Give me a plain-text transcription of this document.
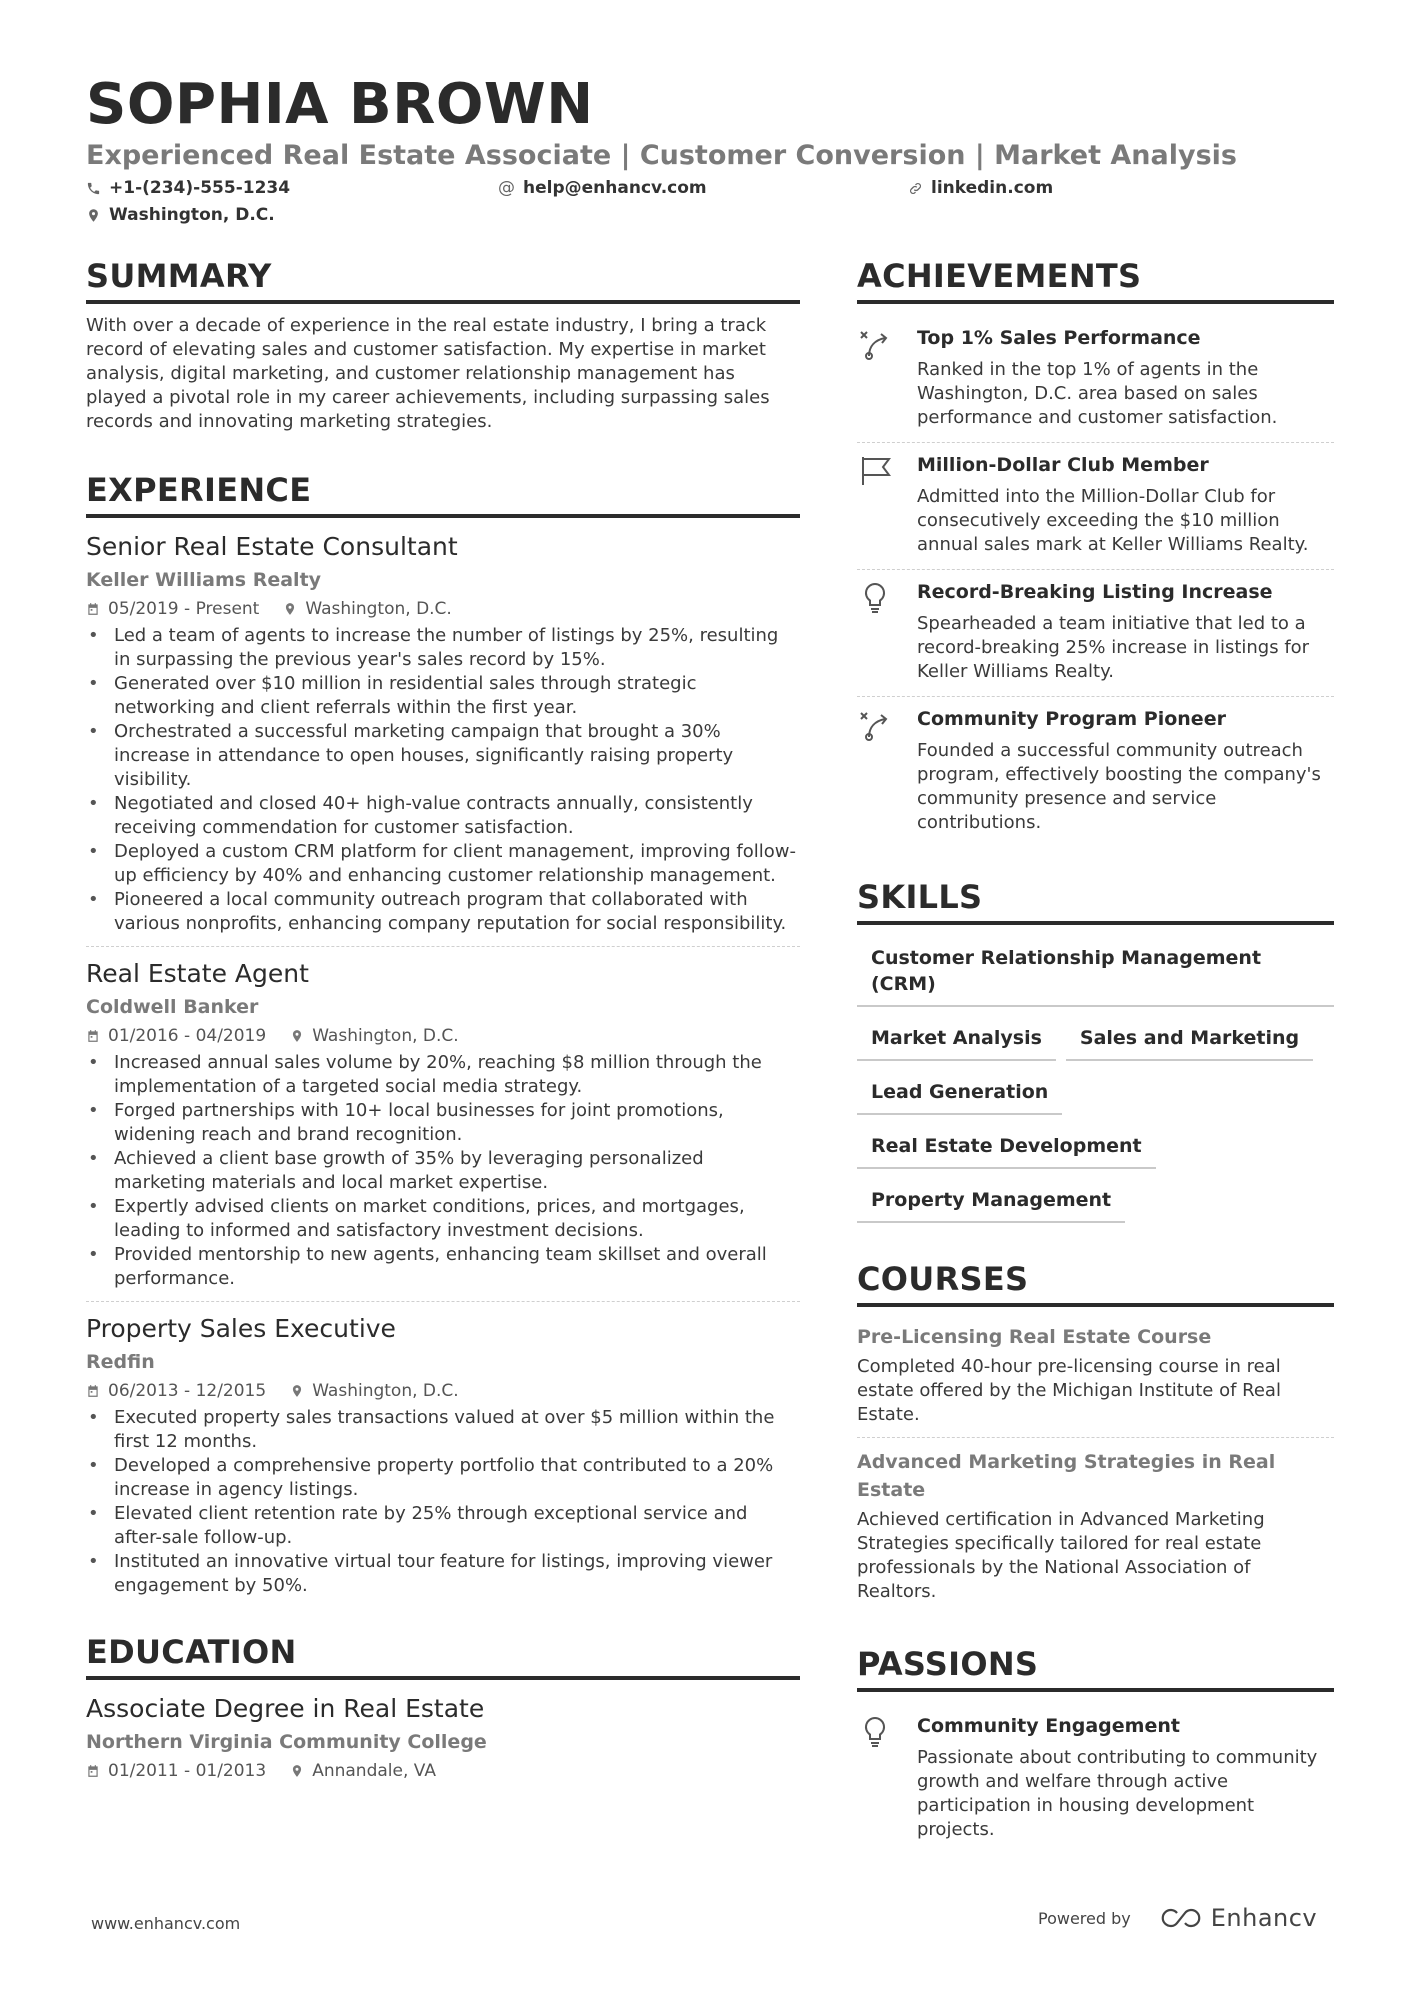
SOPHIA BROWN
Experienced Real Estate Associate | Customer Conversion | Market Analysis
+1-(234)-555-1234	@ help@enhancv.com	linkedin.com
Washington, D.C.
SUMMARY
With over a decade of experience in the real estate industry, I bring a track record of elevating sales and customer satisfaction. My expertise in market analysis, digital marketing, and customer relationship management has played a pivotal role in my career achievements, including surpassing sales records and innovating marketing strategies.
EXPERIENCE
Senior Real Estate Consultant
Keller Williams Realty
05/2019 - Present	Washington, D.C.
• Led a team of agents to increase the number of listings by 25%, resulting in surpassing the previous year's sales record by 15%.
• Generated over $10 million in residential sales through strategic networking and client referrals within the first year.
• Orchestrated a successful marketing campaign that brought a 30% increase in attendance to open houses, significantly raising property visibility.
• Negotiated and closed 40+ high-value contracts annually, consistently receiving commendation for customer satisfaction.
• Deployed a custom CRM platform for client management, improving follow-up efficiency by 40% and enhancing customer relationship management.
• Pioneered a local community outreach program that collaborated with various nonprofits, enhancing company reputation for social responsibility.
Real Estate Agent
Coldwell Banker
01/2016 - 04/2019	Washington, D.C.
• Increased annual sales volume by 20%, reaching $8 million through the implementation of a targeted social media strategy.
• Forged partnerships with 10+ local businesses for joint promotions, widening reach and brand recognition.
• Achieved a client base growth of 35% by leveraging personalized marketing materials and local market expertise.
• Expertly advised clients on market conditions, prices, and mortgages, leading to informed and satisfactory investment decisions.
• Provided mentorship to new agents, enhancing team skillset and overall performance.
Property Sales Executive
Redfin
06/2013 - 12/2015	Washington, D.C.
• Executed property sales transactions valued at over $5 million within the first 12 months.
• Developed a comprehensive property portfolio that contributed to a 20% increase in agency listings.
• Elevated client retention rate by 25% through exceptional service and after-sale follow-up.
• Instituted an innovative virtual tour feature for listings, improving viewer engagement by 50%.
EDUCATION
Associate Degree in Real Estate
Northern Virginia Community College
01/2011 - 01/2013	Annandale, VA
ACHIEVEMENTS
Top 1% Sales Performance
Ranked in the top 1% of agents in the Washington, D.C. area based on sales performance and customer satisfaction.
Million-Dollar Club Member
Admitted into the Million-Dollar Club for consecutively exceeding the $10 million annual sales mark at Keller Williams Realty.
Record-Breaking Listing Increase
Spearheaded a team initiative that led to a record-breaking 25% increase in listings for Keller Williams Realty.
Community Program Pioneer
Founded a successful community outreach program, effectively boosting the company's community presence and service contributions.
SKILLS
Customer Relationship Management (CRM)
Market Analysis	Sales and Marketing
Lead Generation
Real Estate Development
Property Management
COURSES
Pre-Licensing Real Estate Course
Completed 40-hour pre-licensing course in real estate offered by the Michigan Institute of Real Estate.
Advanced Marketing Strategies in Real Estate
Achieved certification in Advanced Marketing Strategies specifically tailored for real estate professionals by the National Association of Realtors.
PASSIONS
Community Engagement
Passionate about contributing to community growth and welfare through active participation in housing development projects.
www.enhancv.com	Powered by	Enhancv
